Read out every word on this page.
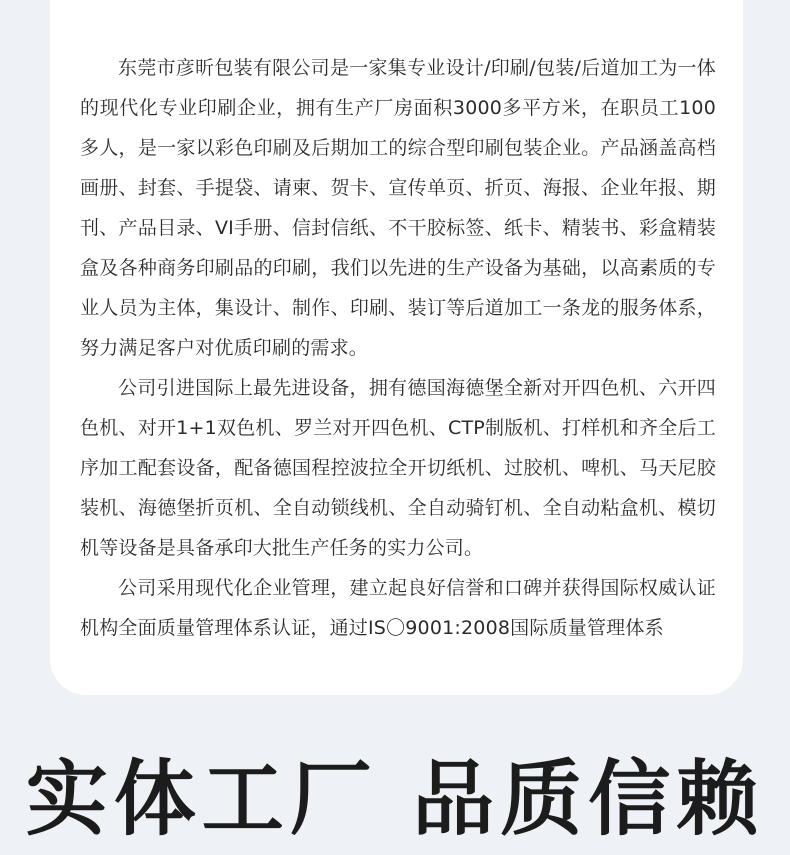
东莞市彦昕包装有限公司是一家集专业设计/印刷/包装/后道加工为一体的现代化专业印刷企业，拥有生产厂房面积3000多平方米，在职员工100多人，是一家以彩色印刷及后期加工的综合型印刷包装企业。产品涵盖高档画册、封套、手提袋、请柬、贺卡、宣传单页、折页、海报、企业年报、期刊、产品目录、VI手册、信封信纸、不干胶标签、纸卡、精装书、彩盒精装盒及各种商务印刷品的印刷，我们以先进的生产设备为基础，以高素质的专业人员为主体，集设计、制作、印刷、装订等后道加工一条龙的服务体系，努力满足客户对优质印刷的需求。

公司引进国际上最先进设备，拥有德国海德堡全新对开四色机、六开四色机、对开1+1双色机、罗兰对开四色机、CTP制版机、打样机和齐全后工序加工配套设备，配备德国程控波拉全开切纸机、过胶机、啤机、马天尼胶装机、海德堡折页机、全自动锁线机、全自动骑钉机、全自动粘盒机、模切机等设备是具备承印大批生产任务的实力公司。

公司采用现代化企业管理，建立起良好信誉和口碑并获得国际权威认证机构全面质量管理体系认证，通过IS〇9001:2008国际质量管理体系

实体工厂 品质信赖
